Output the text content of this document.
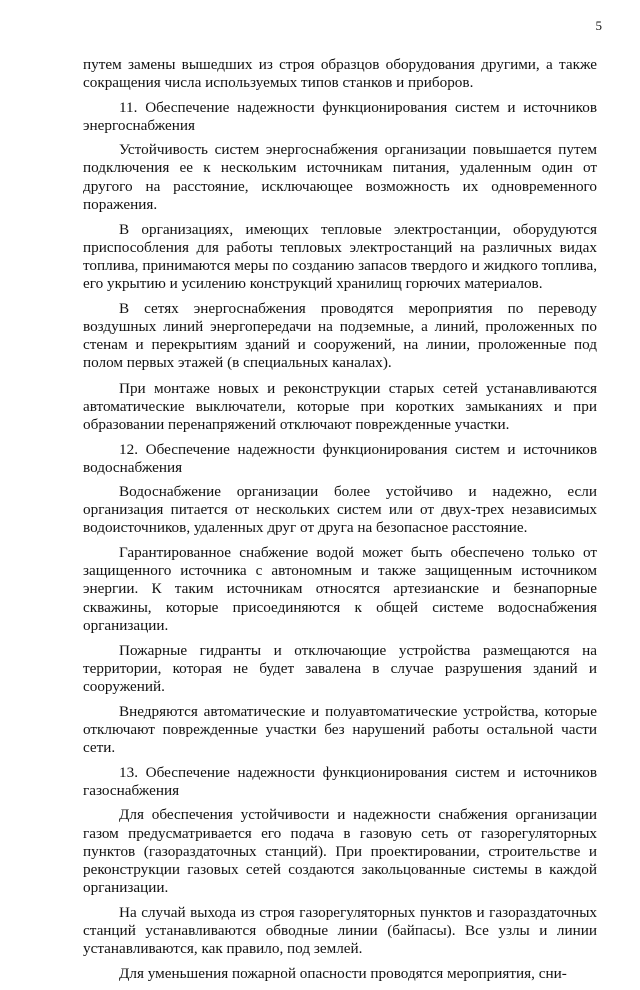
5

путем замены вышедших из строя образцов оборудования другими, а также сокращения числа используемых типов станков и приборов.

11. Обеспечение надежности функционирования систем и источников энергоснабжения

Устойчивость систем энергоснабжения организации повышается путем подключения ее к нескольким источникам питания, удаленным один от другого на расстояние, исключающее возможность их одновременного поражения.

В организациях, имеющих тепловые электростанции, оборудуются приспособления для работы тепловых электростанций на различных видах топлива, принимаются меры по созданию запасов твердого и жидкого топлива, его укрытию и усилению конструкций хранилищ горючих материалов.

В сетях энергоснабжения проводятся мероприятия по переводу воздушных линий энергопередачи на подземные, а линий, проложенных по стенам и перекрытиям зданий и сооружений, на линии, проложенные под полом первых этажей (в специальных каналах).

При монтаже новых и реконструкции старых сетей устанавливаются автоматические выключатели, которые при коротких замыканиях и при образовании перенапряжений отключают поврежденные участки.

12. Обеспечение надежности функционирования систем и источников водоснабжения

Водоснабжение организации более устойчиво и надежно, если организация питается от нескольких систем или от двух-трех независимых водоисточников, удаленных друг от друга на безопасное расстояние.

Гарантированное снабжение водой может быть обеспечено только от защищенного источника с автономным и также защищенным источником энергии. К таким источникам относятся артезианские и безнапорные скважины, которые присоединяются к общей системе водоснабжения организации.

Пожарные гидранты и отключающие устройства размещаются на территории, которая не будет завалена в случае разрушения зданий и сооружений.

Внедряются автоматические и полуавтоматические устройства, которые отключают поврежденные участки без нарушений работы остальной части сети.

13. Обеспечение надежности функционирования систем и источников газоснабжения

Для обеспечения устойчивости и надежности снабжения организации газом предусматривается его подача в газовую сеть от газорегуляторных пунктов (газораздаточных станций). При проектировании, строительстве и реконструкции газовых сетей создаются закольцованные системы в каждой организации.

На случай выхода из строя газорегуляторных пунктов и газораздаточных станций устанавливаются обводные линии (байпасы). Все узлы и линии устанавливаются, как правило, под землей.

Для уменьшения пожарной опасности проводятся мероприятия, сни-
